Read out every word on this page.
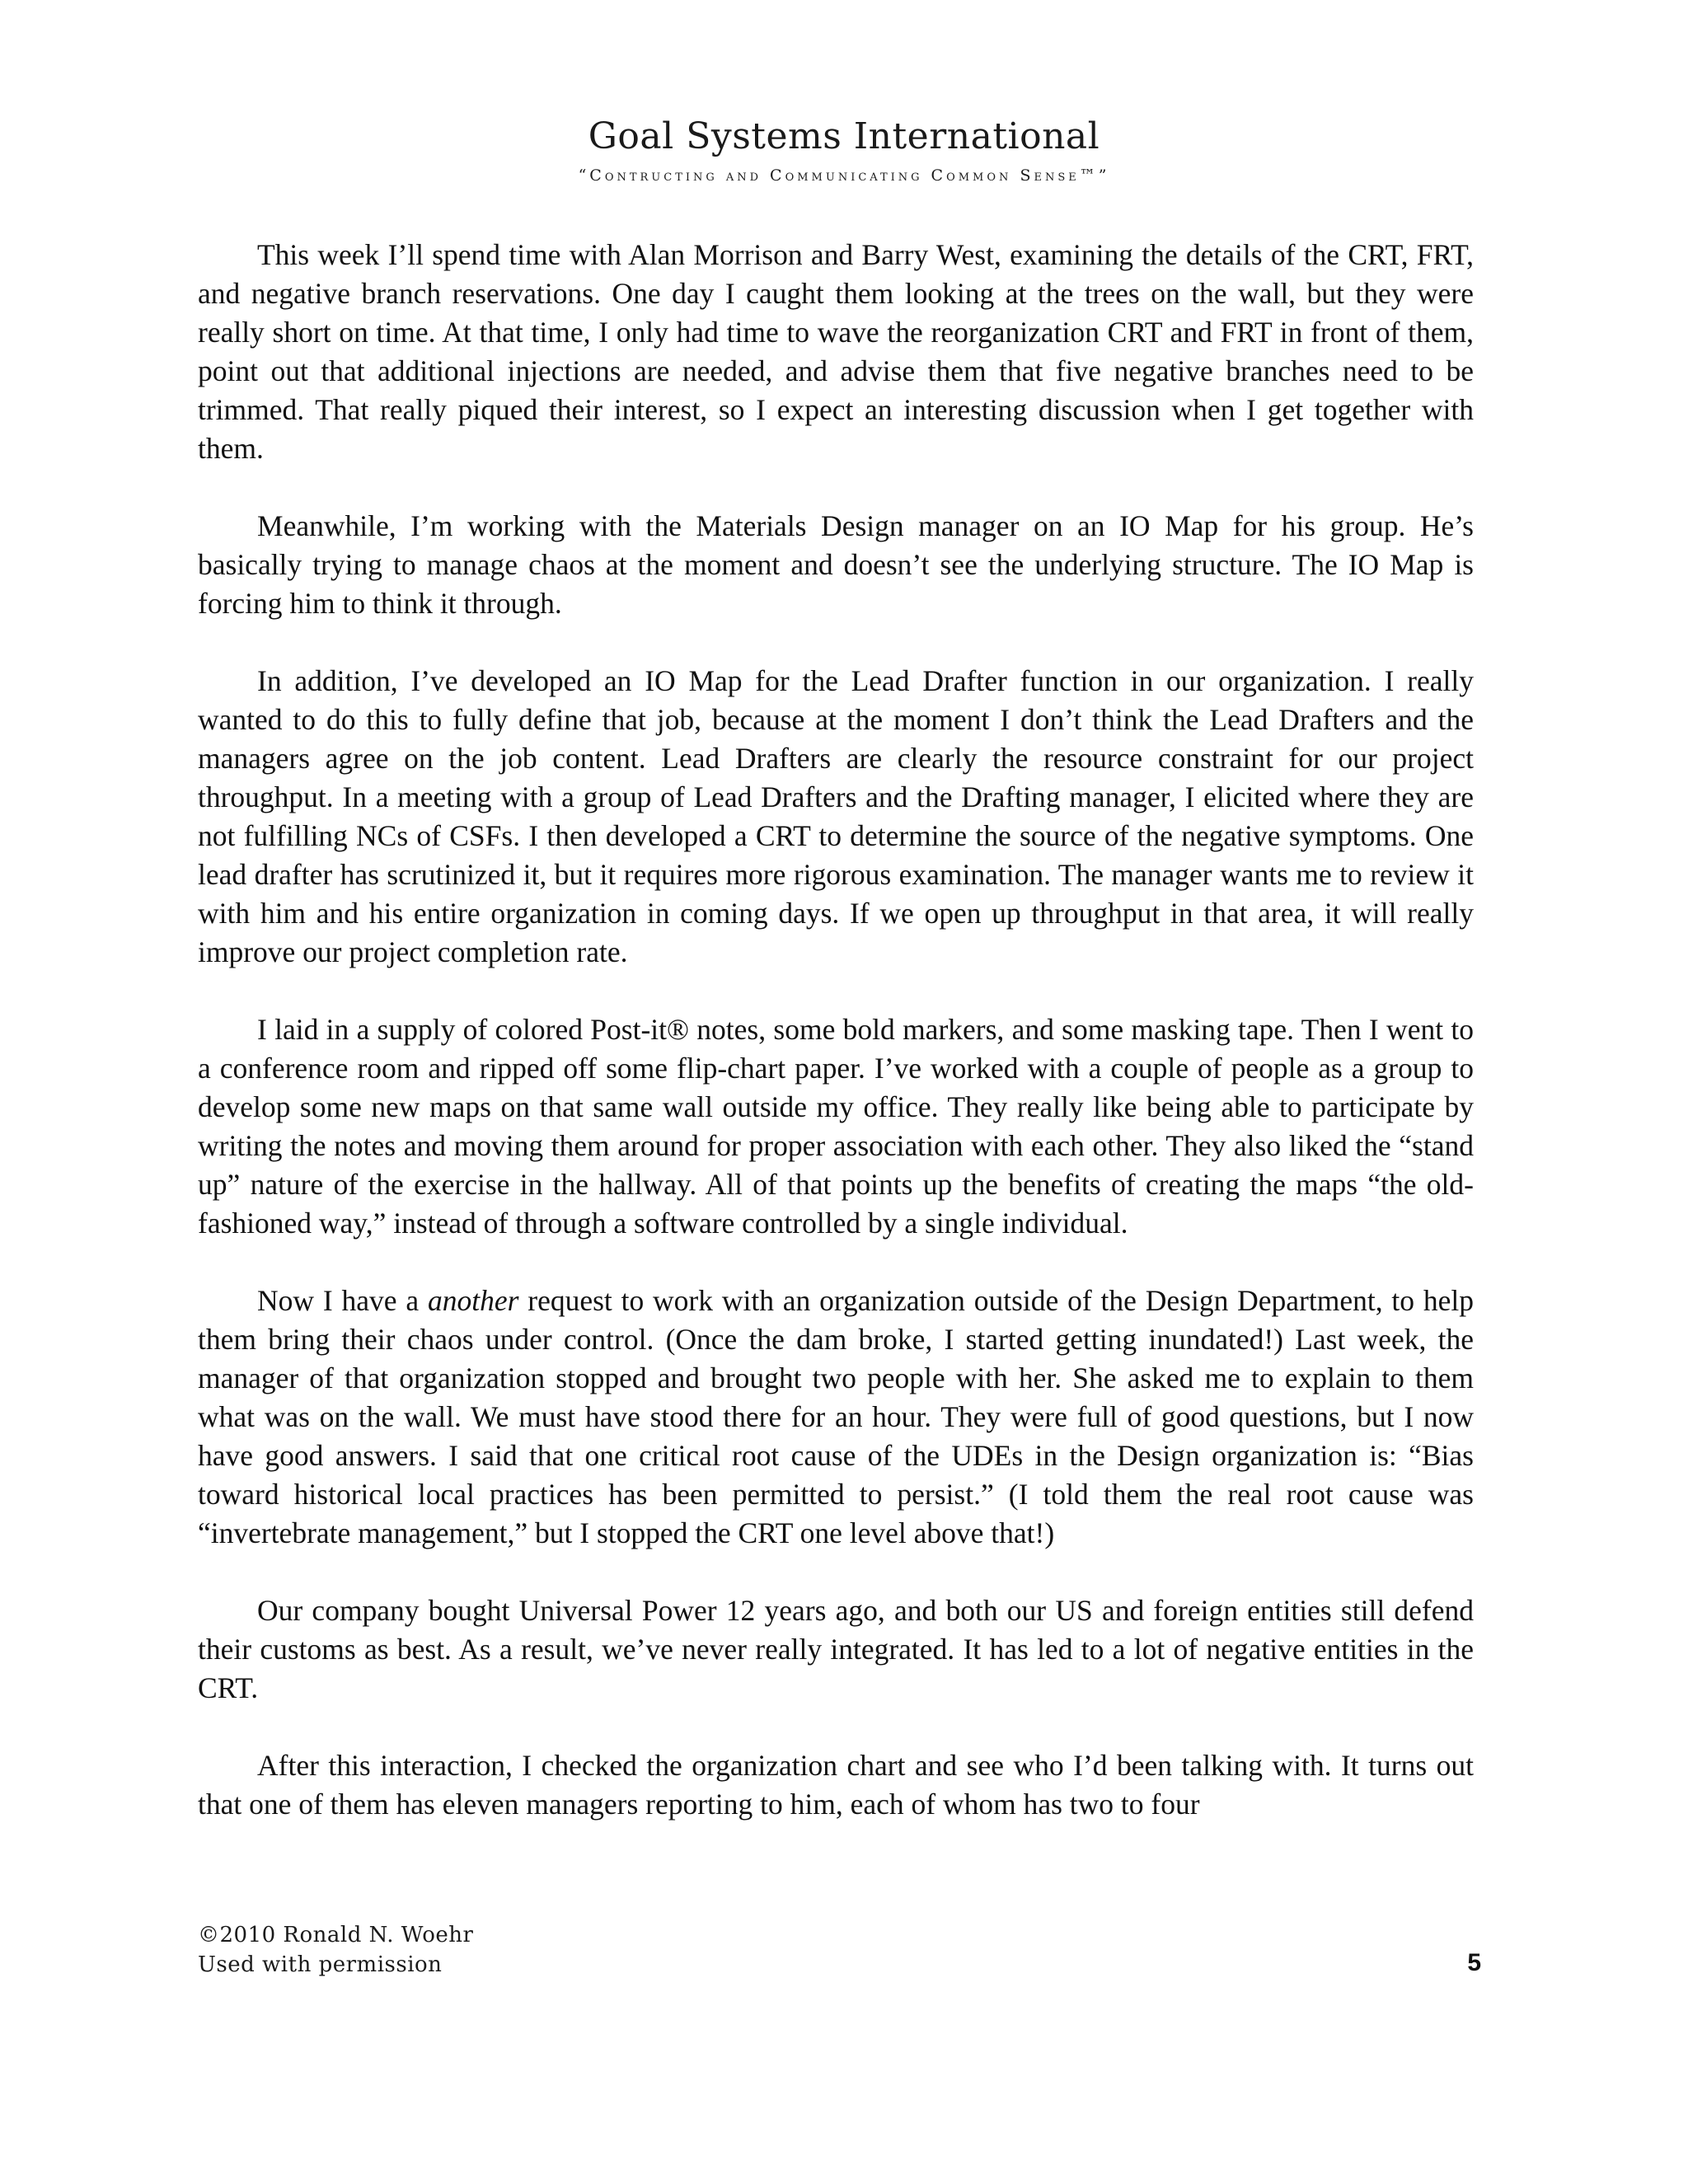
Goal Systems International
“Contructing and Communicating Common Sense™”

This week I’ll spend time with Alan Morrison and Barry West, examining the details of the CRT, FRT, and negative branch reservations. One day I caught them looking at the trees on the wall, but they were really short on time. At that time, I only had time to wave the reorganization CRT and FRT in front of them, point out that additional injections are needed, and advise them that five negative branches need to be trimmed. That really piqued their interest, so I expect an interesting discussion when I get together with them.

Meanwhile, I’m working with the Materials Design manager on an IO Map for his group. He’s basically trying to manage chaos at the moment and doesn’t see the underlying structure. The IO Map is forcing him to think it through.

In addition, I’ve developed an IO Map for the Lead Drafter function in our organization. I really wanted to do this to fully define that job, because at the moment I don’t think the Lead Drafters and the managers agree on the job content. Lead Drafters are clearly the resource constraint for our project throughput. In a meeting with a group of Lead Drafters and the Drafting manager, I elicited where they are not fulfilling NCs of CSFs. I then developed a CRT to determine the source of the negative symptoms. One lead drafter has scrutinized it, but it requires more rigorous examination. The manager wants me to review it with him and his entire organization in coming days. If we open up throughput in that area, it will really improve our project completion rate.

I laid in a supply of colored Post-it® notes, some bold markers, and some masking tape. Then I went to a conference room and ripped off some flip-chart paper. I’ve worked with a couple of people as a group to develop some new maps on that same wall outside my office. They really like being able to participate by writing the notes and moving them around for proper association with each other. They also liked the “stand up” nature of the exercise in the hallway. All of that points up the benefits of creating the maps “the old-fashioned way,” instead of through a software controlled by a single individual.

Now I have a another request to work with an organization outside of the Design Department, to help them bring their chaos under control. (Once the dam broke, I started getting inundated!) Last week, the manager of that organization stopped and brought two people with her. She asked me to explain to them what was on the wall. We must have stood there for an hour. They were full of good questions, but I now have good answers. I said that one critical root cause of the UDEs in the Design organization is: “Bias toward historical local practices has been permitted to persist.” (I told them the real root cause was “invertebrate management,” but I stopped the CRT one level above that!)

Our company bought Universal Power 12 years ago, and both our US and foreign entities still defend their customs as best. As a result, we’ve never really integrated. It has led to a lot of negative entities in the CRT.

After this interaction, I checked the organization chart and see who I’d been talking with. It turns out that one of them has eleven managers reporting to him, each of whom has two to four

©2010 Ronald N. Woehr
Used with permission	5
